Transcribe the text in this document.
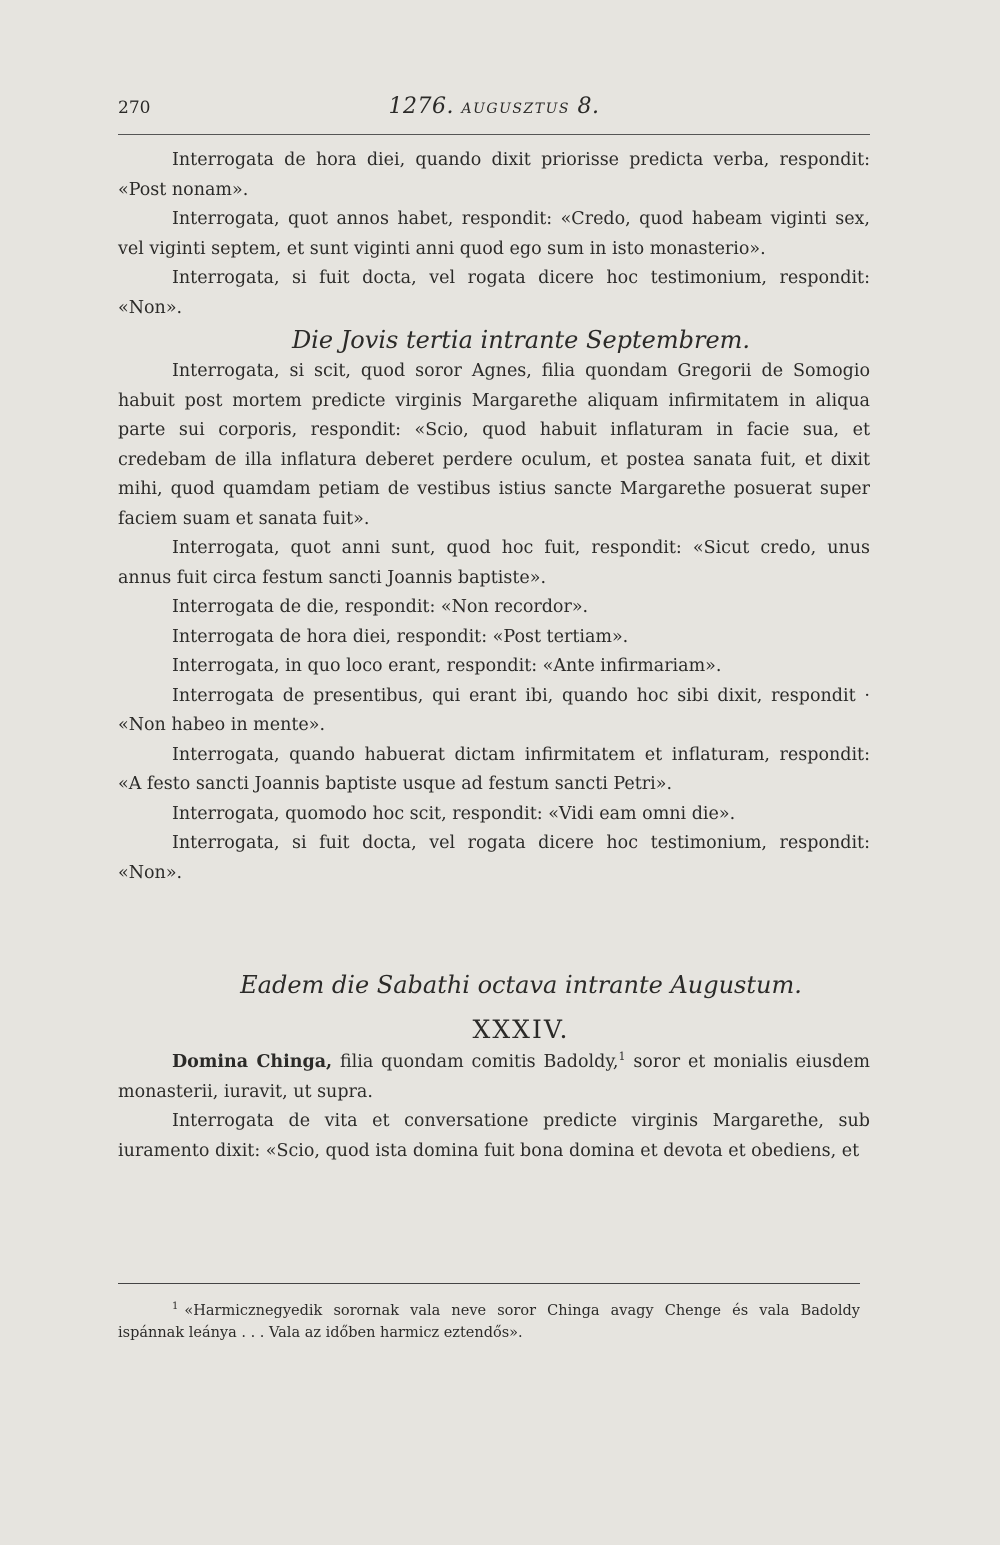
270	1276. AUGUSZTUS 8.

Interrogata de hora diei, quando dixit priorisse predicta verba, respondit: «Post nonam».

Interrogata, quot annos habet, respondit: «Credo, quod habeam viginti sex, vel viginti septem, et sunt viginti anni quod ego sum in isto monasterio».

Interrogata, si fuit docta, vel rogata dicere hoc testimonium, respondit: «Non».

Die Jovis tertia intrante Septembrem.

Interrogata, si scit, quod soror Agnes, filia quondam Gregorii de Somogio habuit post mortem predicte virginis Margarethe aliquam infirmitatem in aliqua parte sui corporis, respondit: «Scio, quod habuit inflaturam in facie sua, et credebam de illa inflatura deberet perdere oculum, et postea sanata fuit, et dixit mihi, quod quamdam petiam de vestibus istius sancte Margarethe posuerat super faciem suam et sanata fuit».

Interrogata, quot anni sunt, quod hoc fuit, respondit: «Sicut credo, unus annus fuit circa festum sancti Joannis baptiste».

Interrogata de die, respondit: «Non recordor».

Interrogata de hora diei, respondit: «Post tertiam».

Interrogata, in quo loco erant, respondit: «Ante infirmariam».

Interrogata de presentibus, qui erant ibi, quando hoc sibi dixit, respondit · «Non habeo in mente».

Interrogata, quando habuerat dictam infirmitatem et inflaturam, respondit: «A festo sancti Joannis baptiste usque ad festum sancti Petri».

Interrogata, quomodo hoc scit, respondit: «Vidi eam omni die».

Interrogata, si fuit docta, vel rogata dicere hoc testimonium, respondit: «Non».

Eadem die Sabathi octava intrante Augustum.

XXXIV.

Domina Chinga, filia quondam comitis Badoldy,$^1$ soror et monialis eiusdem monasterii, iuravit, ut supra.

Interrogata de vita et conversatione predicte virginis Margarethe, sub iuramento dixit: «Scio, quod ista domina fuit bona domina et devota et obediens, et

$^1$ «Harmicznegyedik sorornak vala neve soror Chinga avagy Chenge és vala Badoldy ispánnak leánya . . . Vala az időben harmicz eztendős».
